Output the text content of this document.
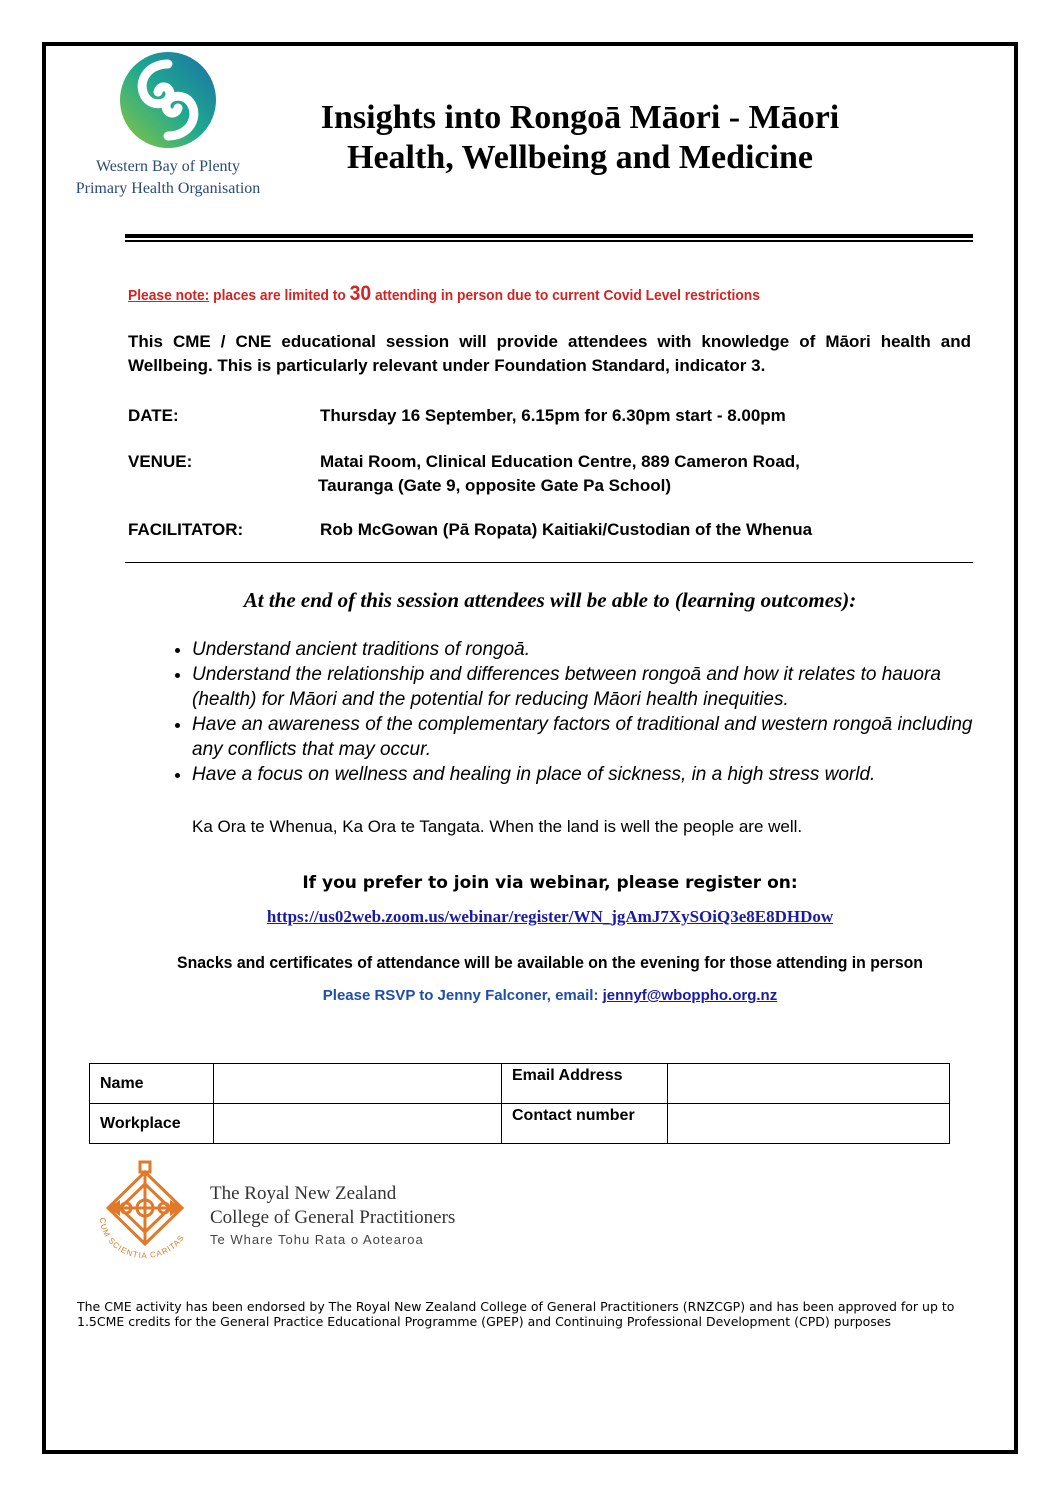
Western Bay of Plenty
Primary Health Organisation
Insights into Rongoā Māori - Māori
Health, Wellbeing and Medicine
Please note: places are limited to 30 attending in person due to current Covid Level restrictions
This CME / CNE educational session will provide attendees with knowledge of Māori health and Wellbeing. This is particularly relevant under Foundation Standard, indicator 3.
DATE:	Thursday 16 September, 6.15pm for 6.30pm start - 8.00pm
VENUE:	Matai Room, Clinical Education Centre, 889 Cameron Road,
Tauranga (Gate 9, opposite Gate Pa School)
FACILITATOR:	Rob McGowan (Pā Ropata) Kaitiaki/Custodian of the Whenua
At the end of this session attendees will be able to (learning outcomes):
• Understand ancient traditions of rongoā.
• Understand the relationship and differences between rongoā and how it relates to hauora (health) for Māori and the potential for reducing Māori health inequities.
• Have an awareness of the complementary factors of traditional and western rongoā including any conflicts that may occur.
• Have a focus on wellness and healing in place of sickness, in a high stress world.
Ka Ora te Whenua, Ka Ora te Tangata. When the land is well the people are well.
If you prefer to join via webinar, please register on:
https://us02web.zoom.us/webinar/register/WN_jgAmJ7XySOiQ3e8E8DHDow
Snacks and certificates of attendance will be available on the evening for those attending in person
Please RSVP to Jenny Falconer, email: jennyf@wboppho.org.nz
Name		Email Address	
Workplace		Contact number	
CUM SCIENTIA CARITAS
The Royal New Zealand
College of General Practitioners
Te Whare Tohu Rata o Aotearoa
The CME activity has been endorsed by The Royal New Zealand College of General Practitioners (RNZCGP) and has been approved for up to 1.5CME credits for the General Practice Educational Programme (GPEP) and Continuing Professional Development (CPD) purposes
